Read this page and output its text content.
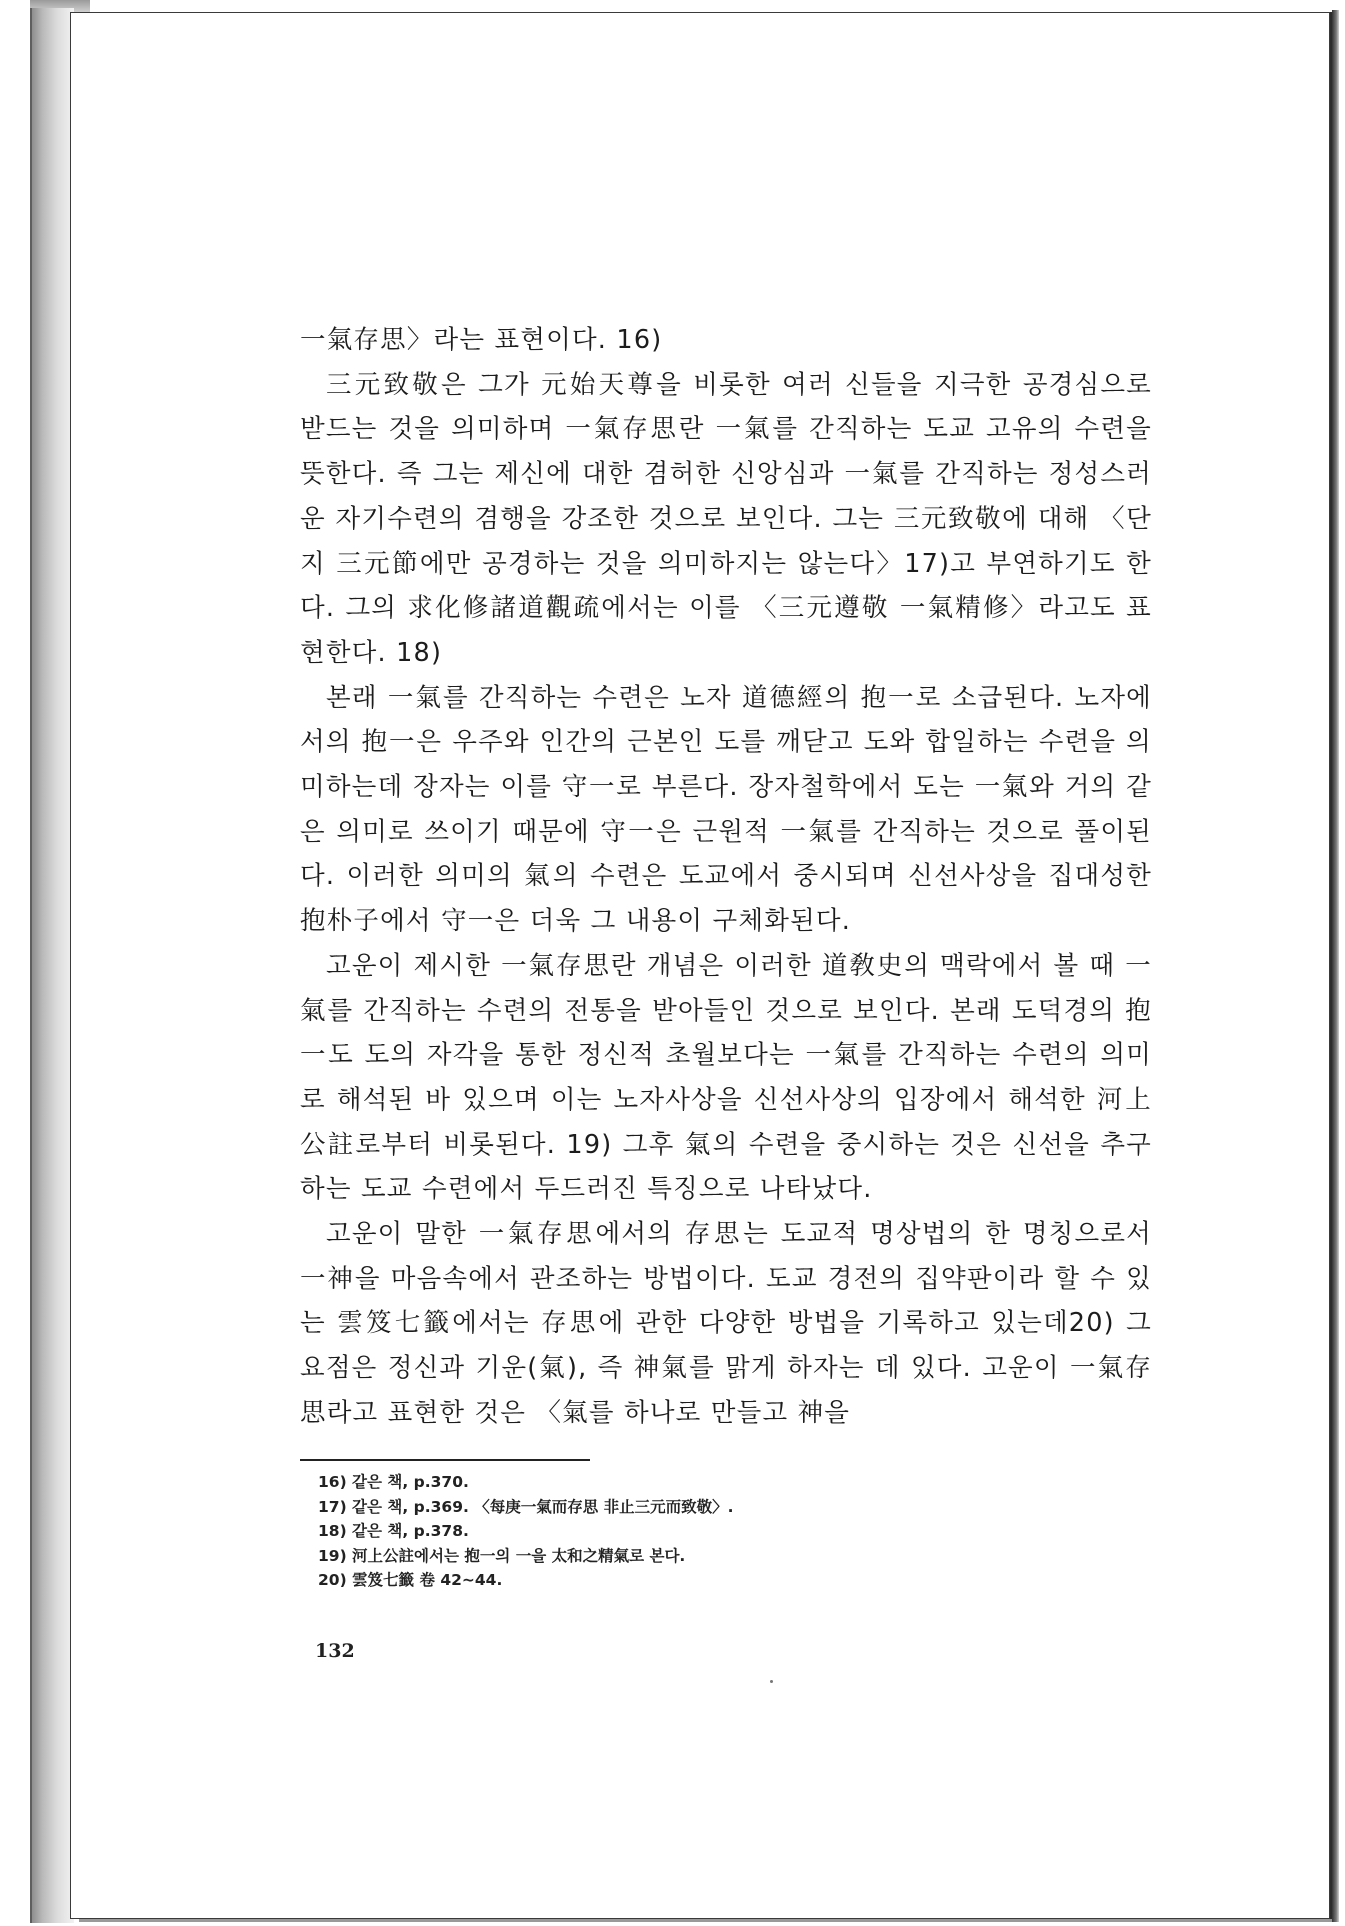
一氣存思〉라는 표현이다. 16)

三元致敬은 그가 元始天尊을 비롯한 여러 신들을 지극한 공경심으로 받드는 것을 의미하며 一氣存思란 一氣를 간직하는 도교 고유의 수련을 뜻한다. 즉 그는 제신에 대한 겸허한 신앙심과 一氣를 간직하는 정성스러운 자기수련의 겸행을 강조한 것으로 보인다. 그는 三元致敬에 대해 〈단지 三元節에만 공경하는 것을 의미하지는 않는다〉17)고 부연하기도 한다. 그의 求化修諸道觀疏에서는 이를 〈三元遵敬 一氣精修〉라고도 표현한다. 18)

본래 一氣를 간직하는 수련은 노자 道德經의 抱一로 소급된다. 노자에서의 抱一은 우주와 인간의 근본인 도를 깨닫고 도와 합일하는 수련을 의미하는데 장자는 이를 守一로 부른다. 장자철학에서 도는 一氣와 거의 같은 의미로 쓰이기 때문에 守一은 근원적 一氣를 간직하는 것으로 풀이된다. 이러한 의미의 氣의 수련은 도교에서 중시되며 신선사상을 집대성한 抱朴子에서 守一은 더욱 그 내용이 구체화된다.

고운이 제시한 一氣存思란 개념은 이러한 道敎史의 맥락에서 볼 때 一氣를 간직하는 수련의 전통을 받아들인 것으로 보인다. 본래 도덕경의 抱一도 도의 자각을 통한 정신적 초월보다는 一氣를 간직하는 수련의 의미로 해석된 바 있으며 이는 노자사상을 신선사상의 입장에서 해석한 河上公註로부터 비롯된다. 19) 그후 氣의 수련을 중시하는 것은 신선을 추구하는 도교 수련에서 두드러진 특징으로 나타났다.

고운이 말한 一氣存思에서의 存思는 도교적 명상법의 한 명칭으로서 一神을 마음속에서 관조하는 방법이다. 도교 경전의 집약판이라 할 수 있는 雲笈七籤에서는 存思에 관한 다양한 방법을 기록하고 있는데20) 그 요점은 정신과 기운(氣), 즉 神氣를 맑게 하자는 데 있다. 고운이 一氣存思라고 표현한 것은 〈氣를 하나로 만들고 神을

16) 같은 책, p.370.
17) 같은 책, p.369. 〈每庚一氣而存思 非止三元而致敬〉.
18) 같은 책, p.378.
19) 河上公註에서는 抱一의 一을 太和之精氣로 본다.
20) 雲笈七籤 卷 42~44.
132
